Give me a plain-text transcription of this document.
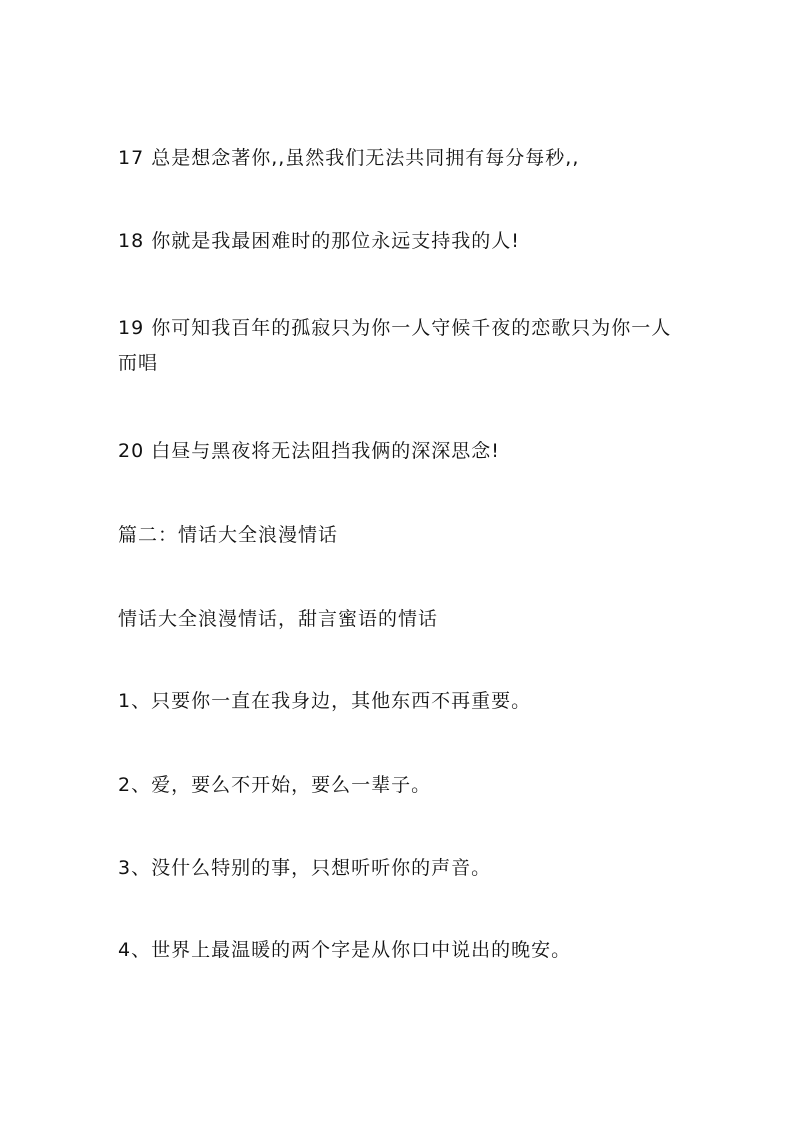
17 总是想念著你,,虽然我们无法共同拥有每分每秒,,
18 你就是我最困难时的那位永远支持我的人!
19 你可知我百年的孤寂只为你一人守候千夜的恋歌只为你一人而唱
20 白昼与黑夜将无法阻挡我俩的深深思念!
篇二：情话大全浪漫情话
情话大全浪漫情话，甜言蜜语的情话
1、只要你一直在我身边，其他东西不再重要。
2、爱，要么不开始，要么一辈子。
3、没什么特别的事，只想听听你的声音。
4、世界上最温暖的两个字是从你口中说出的晚安。
